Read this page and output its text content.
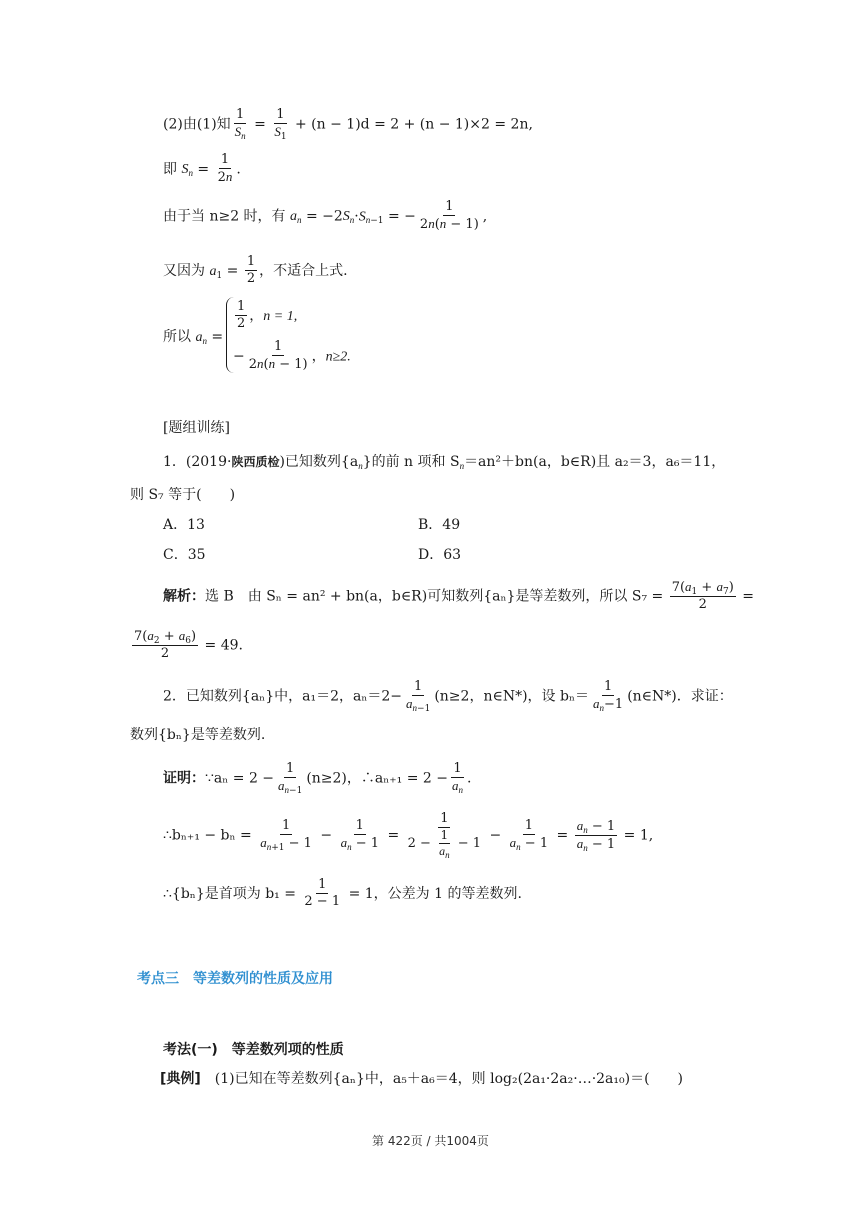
(2)由(1)知 $\frac{1}{S_n} = \frac{1}{S_1} + (n - 1)d = 2 + (n - 1)\times 2 = 2n$,
即 $S_n = \frac{1}{2n}$ .
由于当 n≥2 时，有 $a_n = -2S_n\cdot S_{n-1}$ = − $\frac{1}{2n(n - 1)}$ ,
又因为 $a_1 = \frac{1}{2}$ ，不适合上式.
所以 $a_n$ =
$\frac{1}{2}$ ，n = 1,
− $\frac{1}{2n(n - 1)}$ ，n≥2.
[题组训练]
1．(2019·陕西质检)已知数列$\{a_n\}$的前 n 项和 $S_n=an^2+bn(a$，b∈R)且 a₂＝3，a₆＝11，
则 S₇ 等于(　　)
A．13	B．49
C．35	D．63
解析：选 B　由 Sₙ = an² + bn(a，b∈R)可知数列{aₙ}是等差数列，所以 $S_7 = \frac{7(a_1 + a_7)}{2}$ =
$\frac{7(a_2 + a_6)}{2} = 49$.
2．已知数列{aₙ}中，a₁＝2，$a_n=2- \frac{1}{a_{n-1}} (n\ge 2$，n∈N*)，设 $b_n= \frac{1}{a_n-1}$ (n∈N*)．求证：
数列{bₙ}是等差数列.
证明：∵aₙ = $2 - \frac{1}{a_{n-1}} (n\ge 2)$，∴aₙ₊₁ = $2 - \frac{1}{a_n}$ .
∴bₙ₊₁ − $b_n = \frac{1}{a_{n+1} - 1} - \frac{1}{a_n - 1} = \frac{1}{2 - \frac{1}{a_n} - 1} - \frac{1}{a_n - 1} = \frac{a_n - 1}{a_n - 1} = 1$,
∴{bₙ}是首项为 $b_1 = \frac{1}{2 - 1} = 1$，公差为 1 的等差数列.
考点三　等差数列的性质及应用
考法(一)　等差数列项的性质
[典例]　 (1)已知在等差数列{aₙ}中，a₅＋a₆＝4，则 log₂(2a₁·2a₂·…·2a₁₀)＝(　　)
第 422页 / 共1004页
